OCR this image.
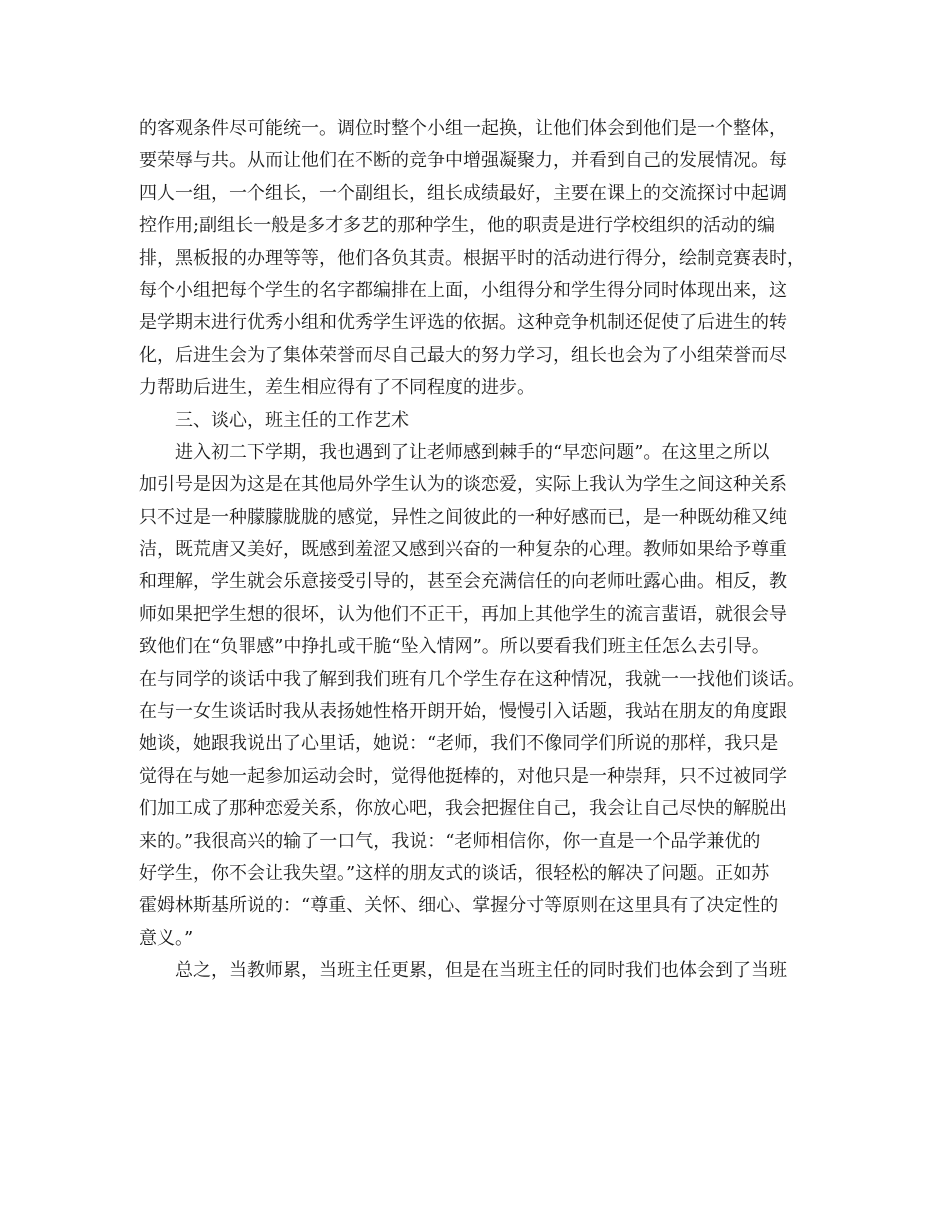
的客观条件尽可能统一。调位时整个小组一起换，让他们体会到他们是一个整体，
要荣辱与共。从而让他们在不断的竞争中增强凝聚力，并看到自己的发展情况。每
四人一组，一个组长，一个副组长，组长成绩最好，主要在课上的交流探讨中起调
控作用;副组长一般是多才多艺的那种学生，他的职责是进行学校组织的活动的编
排，黑板报的办理等等，他们各负其责。根据平时的活动进行得分，绘制竞赛表时，
每个小组把每个学生的名字都编排在上面，小组得分和学生得分同时体现出来，这
是学期末进行优秀小组和优秀学生评选的依据。这种竞争机制还促使了后进生的转
化，后进生会为了集体荣誉而尽自己最大的努力学习，组长也会为了小组荣誉而尽
力帮助后进生，差生相应得有了不同程度的进步。
　　三、谈心，班主任的工作艺术
　　进入初二下学期，我也遇到了让老师感到棘手的“早恋问题”。在这里之所以
加引号是因为这是在其他局外学生认为的谈恋爱，实际上我认为学生之间这种关系
只不过是一种朦朦胧胧的感觉，异性之间彼此的一种好感而已，是一种既幼稚又纯
洁，既荒唐又美好，既感到羞涩又感到兴奋的一种复杂的心理。教师如果给予尊重
和理解，学生就会乐意接受引导的，甚至会充满信任的向老师吐露心曲。相反，教
师如果把学生想的很坏，认为他们不正干，再加上其他学生的流言蜚语，就很会导
致他们在“负罪感”中挣扎或干脆“坠入情网”。所以要看我们班主任怎么去引导。
在与同学的谈话中我了解到我们班有几个学生存在这种情况，我就一一找他们谈话。
在与一女生谈话时我从表扬她性格开朗开始，慢慢引入话题，我站在朋友的角度跟
她谈，她跟我说出了心里话，她说：“老师，我们不像同学们所说的那样，我只是
觉得在与她一起参加运动会时，觉得他挺棒的，对他只是一种崇拜，只不过被同学
们加工成了那种恋爱关系，你放心吧，我会把握住自己，我会让自己尽快的解脱出
来的。”我很高兴的输了一口气，我说：“老师相信你，你一直是一个品学兼优的
好学生，你不会让我失望。”这样的朋友式的谈话，很轻松的解决了问题。正如苏
霍姆林斯基所说的：“尊重、关怀、细心、掌握分寸等原则在这里具有了决定性的
意义。”
　　总之，当教师累，当班主任更累，但是在当班主任的同时我们也体会到了当班
